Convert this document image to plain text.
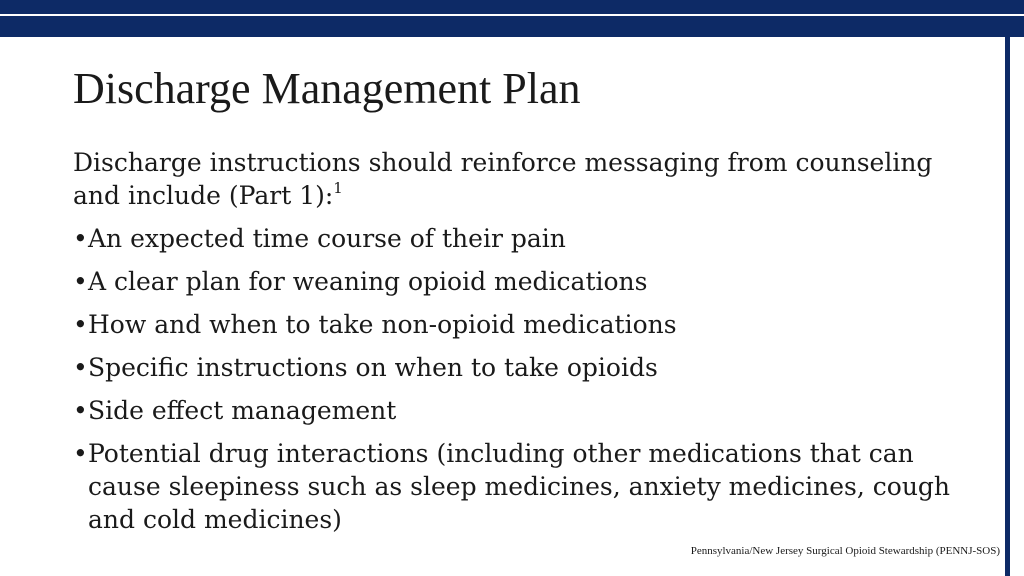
Discharge Management Plan

Discharge instructions should reinforce messaging from counseling and include (Part 1):$^1$

• An expected time course of their pain
• A clear plan for weaning opioid medications
• How and when to take non-opioid medications
• Specific instructions on when to take opioids
• Side effect management
• Potential drug interactions (including other medications that can cause sleepiness such as sleep medicines, anxiety medicines, cough and cold medicines)
Pennsylvania/New Jersey Surgical Opioid Stewardship (PENNJ-SOS)
